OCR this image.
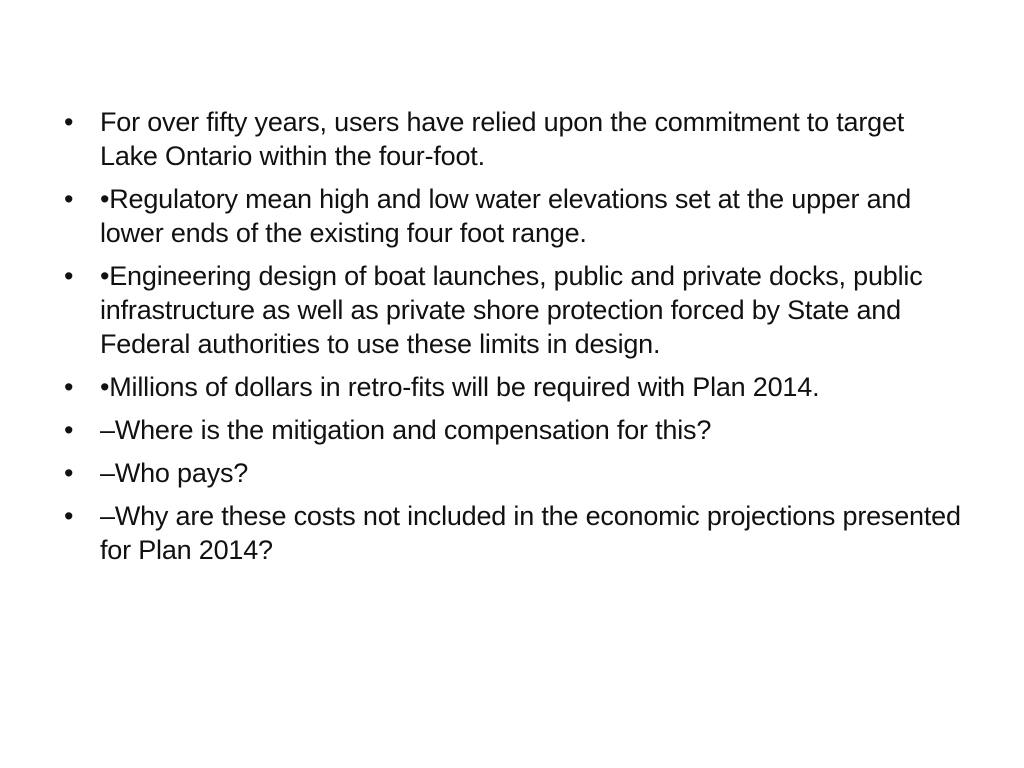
• For over fifty years, users have relied upon the commitment to target Lake Ontario within the four-foot.
• •Regulatory mean high and low water elevations set at the upper and lower ends of the existing four foot range.
• •Engineering design of boat launches, public and private docks, public infrastructure as well as private shore protection forced by State and Federal authorities to use these limits in design.
• •Millions of dollars in retro-fits will be required with Plan 2014.
• –Where is the mitigation and compensation for this?
• –Who pays?
• –Why are these costs not included in the economic projections presented for Plan 2014?
